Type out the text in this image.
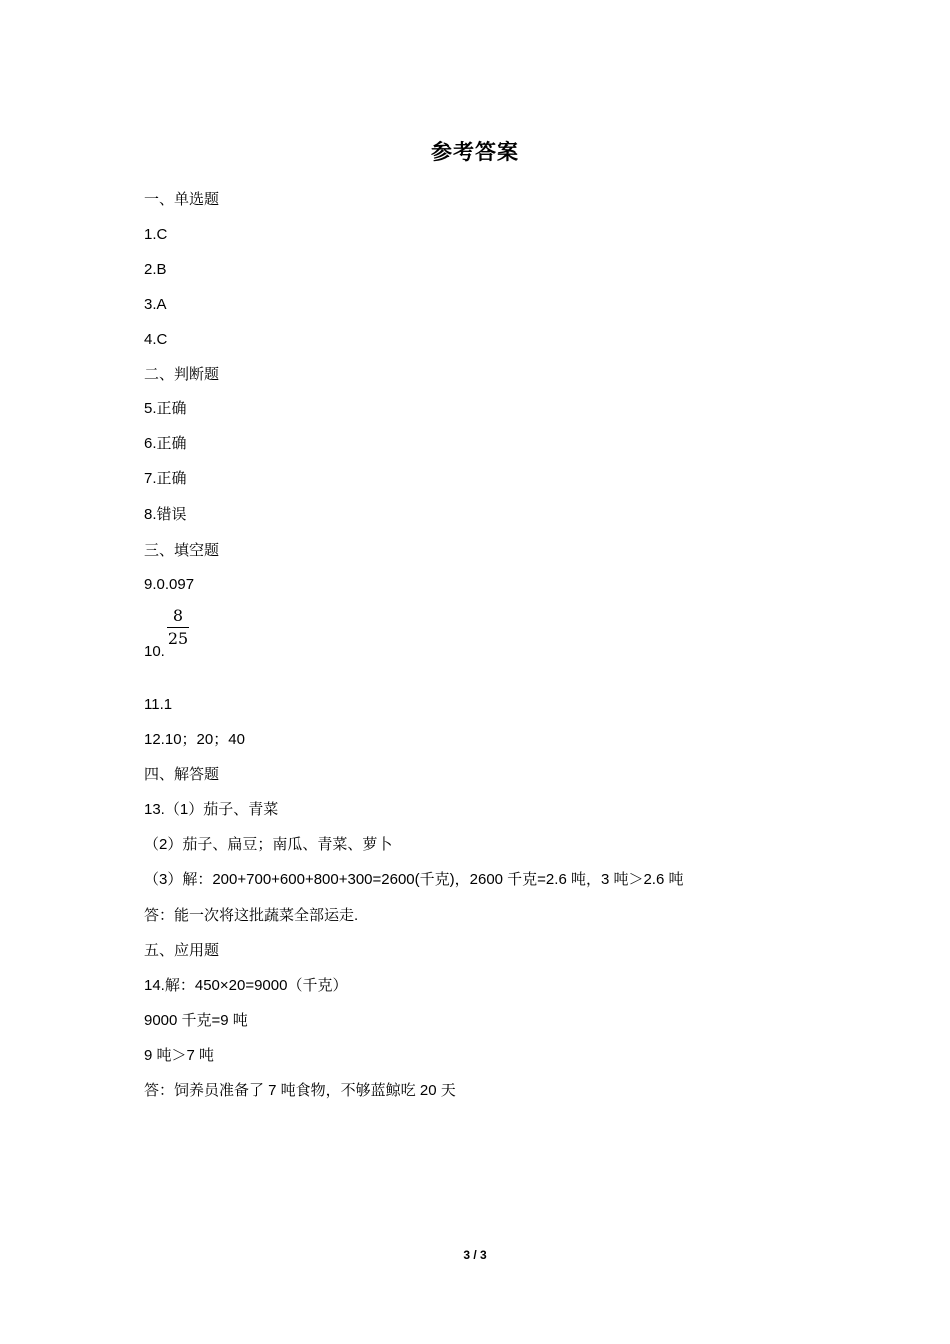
参考答案
一、单选题
1.C
2.B
3.A
4.C
二、判断题
5.正确
6.正确
7.正确
8.错误
三、填空题
9.0.097
10.
$\frac{8}{25}$
11.1
12.10；20；40
四、解答题
13.（1）茄子、青菜
（2）茄子、扁豆；南瓜、青菜、萝卜
（3）解：200+700+600+800+300=2600(千克)，2600 千克=2.6 吨，3 吨＞2.6 吨
答：能一次将这批蔬菜全部运走.
五、应用题
14.解：450×20=9000（千克）
9000 千克=9 吨
9 吨＞7 吨
答：饲养员准备了 7 吨食物，不够蓝鲸吃 20 天
3 / 3
